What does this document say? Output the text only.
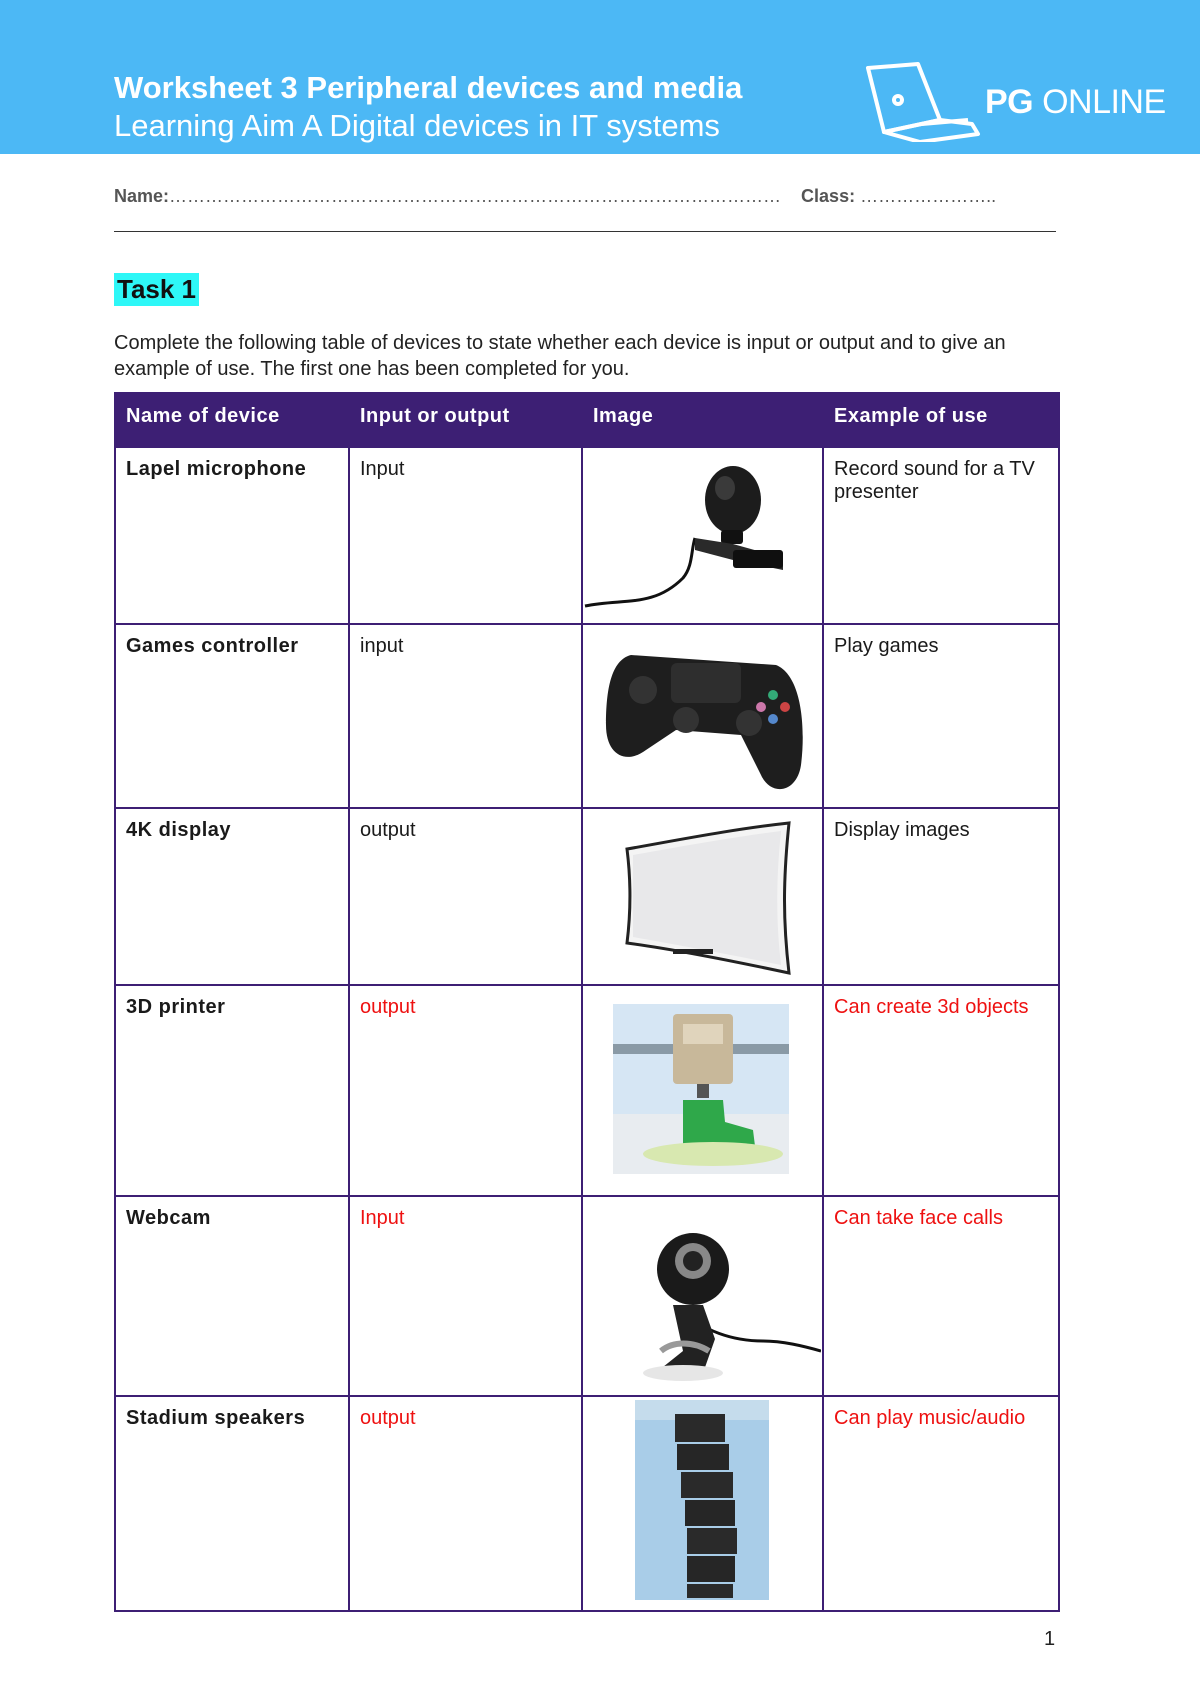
Worksheet 3 Peripheral devices and media
Learning Aim A Digital devices in IT systems
PG ONLINE
Name:………………………………………………………………………………………… Class: …………………..
Task 1
Complete the following table of devices to state whether each device is input or output and to give an example of use. The first one has been completed for you.
Name of device	Input or output	Image	Example of use
Lapel microphone	Input		Record sound for a TV presenter
Games controller	input		Play games
4K display	output		Display images
3D printer	output		Can create 3d objects
Webcam	Input		Can take face calls
Stadium speakers	output		Can play music/audio
1
